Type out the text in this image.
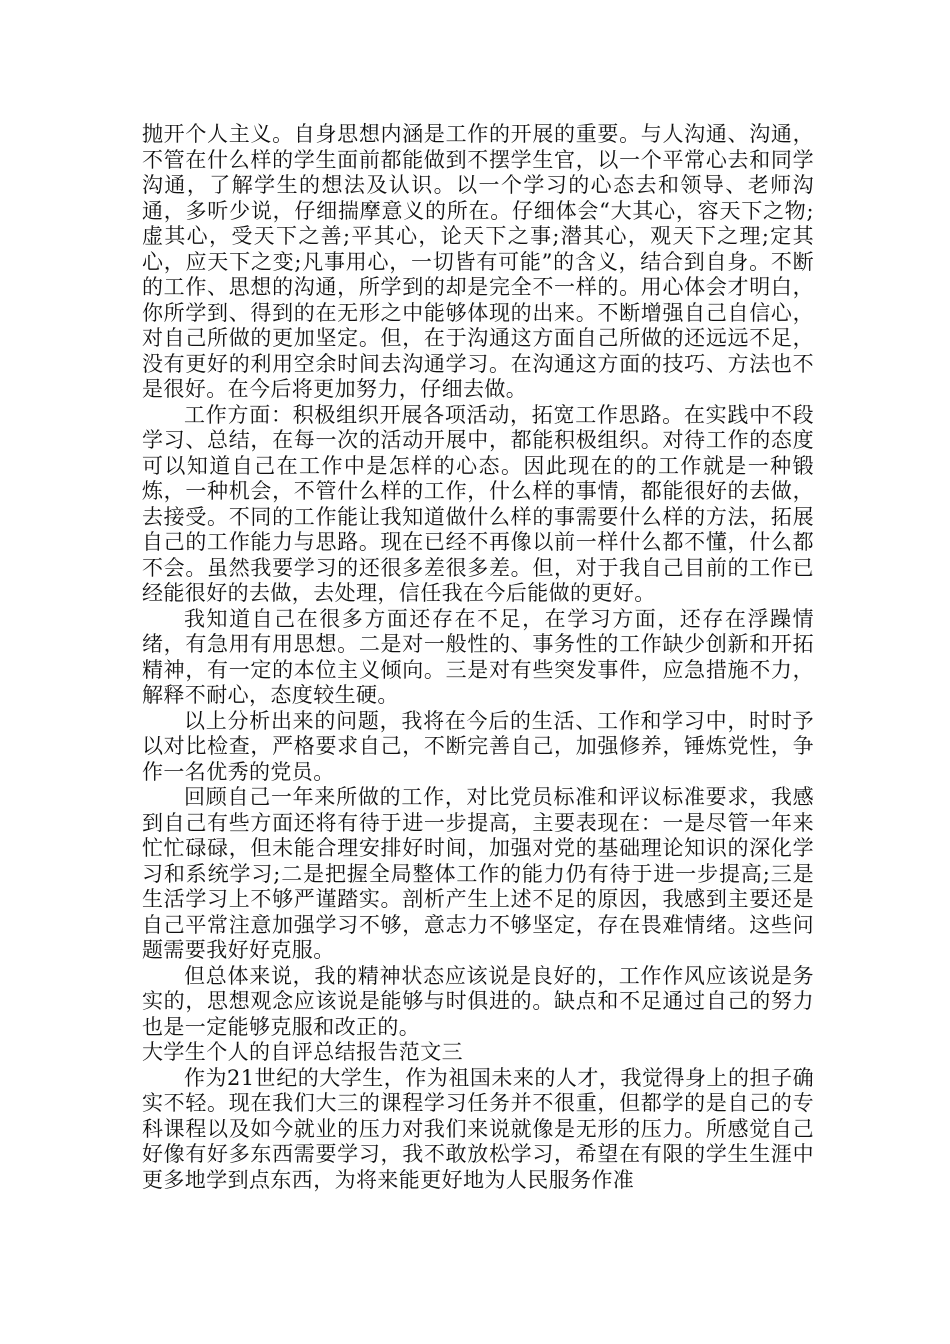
抛开个人主义。自身思想内涵是工作的开展的重要。与人沟通、沟通，不管在什么样的学生面前都能做到不摆学生官，以一个平常心去和同学沟通，了解学生的想法及认识。以一个学习的心态去和领导、老师沟通，多听少说，仔细揣摩意义的所在。仔细体会“大其心，容天下之物;虚其心，受天下之善;平其心，论天下之事;潜其心，观天下之理;定其心，应天下之变;凡事用心，一切皆有可能”的含义，结合到自身。不断的工作、思想的沟通，所学到的却是完全不一样的。用心体会才明白，你所学到、得到的在无形之中能够体现的出来。不断增强自己自信心，对自己所做的更加坚定。但，在于沟通这方面自己所做的还远远不足，没有更好的利用空余时间去沟通学习。在沟通这方面的技巧、方法也不是很好。在今后将更加努力，仔细去做。

工作方面：积极组织开展各项活动，拓宽工作思路。在实践中不段学习、总结，在每一次的活动开展中，都能积极组织。对待工作的态度可以知道自己在工作中是怎样的心态。因此现在的的工作就是一种锻炼，一种机会，不管什么样的工作，什么样的事情，都能很好的去做，去接受。不同的工作能让我知道做什么样的事需要什么样的方法，拓展自己的工作能力与思路。现在已经不再像以前一样什么都不懂，什么都不会。虽然我要学习的还很多差很多差。但，对于我自己目前的工作已经能很好的去做，去处理，信任我在今后能做的更好。

我知道自己在很多方面还存在不足，在学习方面，还存在浮躁情绪，有急用有用思想。二是对一般性的、事务性的工作缺少创新和开拓精神，有一定的本位主义倾向。三是对有些突发事件，应急措施不力，解释不耐心，态度较生硬。

以上分析出来的问题，我将在今后的生活、工作和学习中，时时予以对比检查，严格要求自己，不断完善自己，加强修养，锤炼党性，争作一名优秀的党员。

回顾自己一年来所做的工作，对比党员标准和评议标准要求，我感到自己有些方面还将有待于进一步提高，主要表现在：一是尽管一年来忙忙碌碌，但未能合理安排好时间，加强对党的基础理论知识的深化学习和系统学习;二是把握全局整体工作的能力仍有待于进一步提高;三是生活学习上不够严谨踏实。剖析产生上述不足的原因，我感到主要还是自己平常注意加强学习不够，意志力不够坚定，存在畏难情绪。这些问题需要我好好克服。

但总体来说，我的精神状态应该说是良好的，工作作风应该说是务实的，思想观念应该说是能够与时俱进的。缺点和不足通过自己的努力也是一定能够克服和改正的。

大学生个人的自评总结报告范文三

作为21世纪的大学生，作为祖国未来的人才，我觉得身上的担子确实不轻。现在我们大三的课程学习任务并不很重，但都学的是自己的专科课程以及如今就业的压力对我们来说就像是无形的压力。所感觉自己好像有好多东西需要学习，我不敢放松学习，希望在有限的学生生涯中更多地学到点东西，为将来能更好地为人民服务作准
